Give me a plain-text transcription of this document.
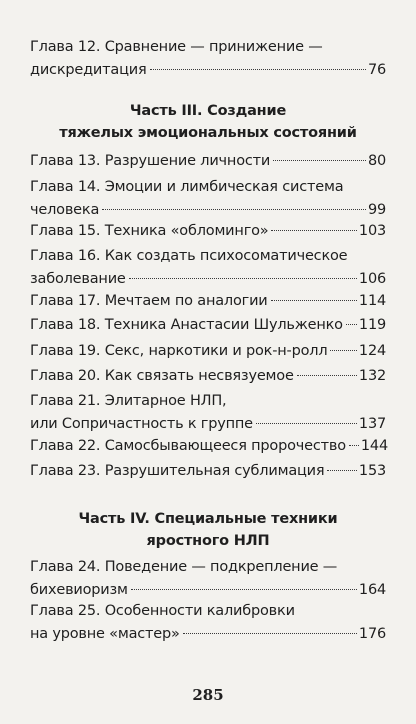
Глава 12. Сравнение — принижение —
дискредитация	76
Часть III. Создание
тяжелых эмоциональных состояний
Глава 13. Разрушение личности	80
Глава 14. Эмоции и лимбическая система
человека	99
Глава 15. Техника «обломинго»	103
Глава 16. Как создать психосоматическое
заболевание	106
Глава 17. Мечтаем по аналогии	114
Глава 18. Техника Анастасии Шульженко 119
Глава 19. Секс, наркотики и рок-н-ролл 124
Глава 20. Как связать несвязуемое	132
Глава 21. Элитарное НЛП,
или Сопричастность к группе	137
Глава 22. Самосбывающееся пророчество 144
Глава 23. Разрушительная сублимация 153
Часть IV. Специальные техники
яростного НЛП
Глава 24. Поведение — подкрепление —
бихевиоризм	164
Глава 25. Особенности калибровки
на уровне «мастер»	176
285
